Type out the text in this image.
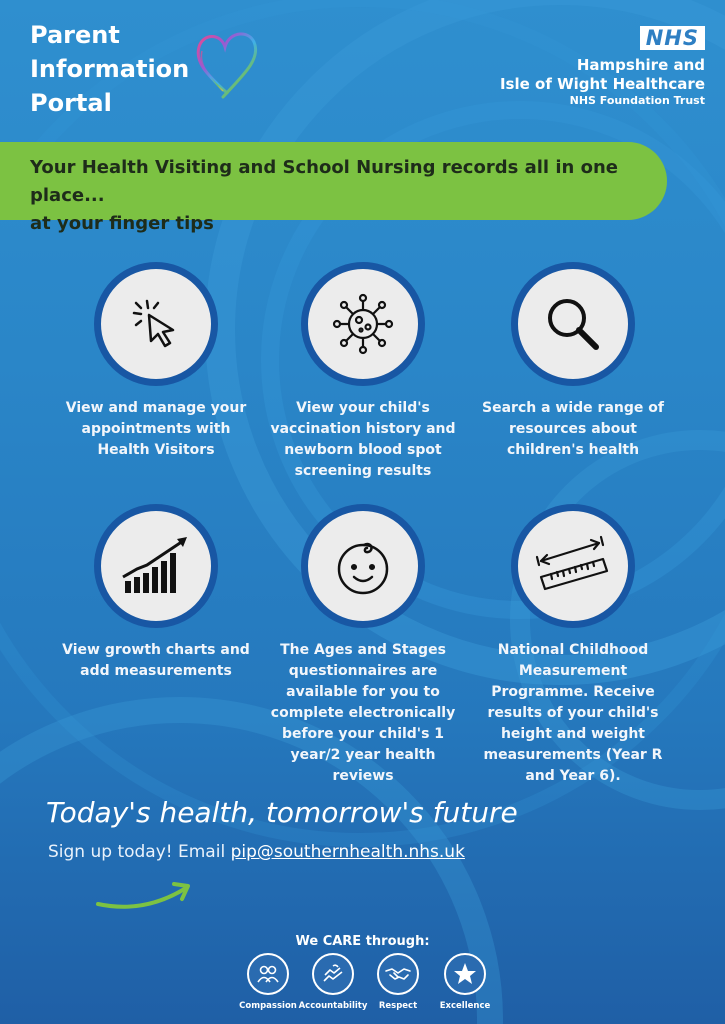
Parent
Information
Portal
NHS
Hampshire and
Isle of Wight Healthcare
NHS Foundation Trust
Your Health Visiting and School Nursing records all in one place...
at your finger tips
View and manage your appointments with Health Visitors
View your child's vaccination history and newborn blood spot screening results
Search a wide range of resources about children's health
View growth charts and add measurements
The Ages and Stages questionnaires are available for you to complete electronically before your child's 1 year/2 year health reviews
National Childhood Measurement Programme. Receive results of your child's height and weight measurements (Year R and Year 6).
Today's health, tomorrow's future
Sign up today! Email pip@southernhealth.nhs.uk
We CARE through:
Compassion Accountability	Respect	Excellence
